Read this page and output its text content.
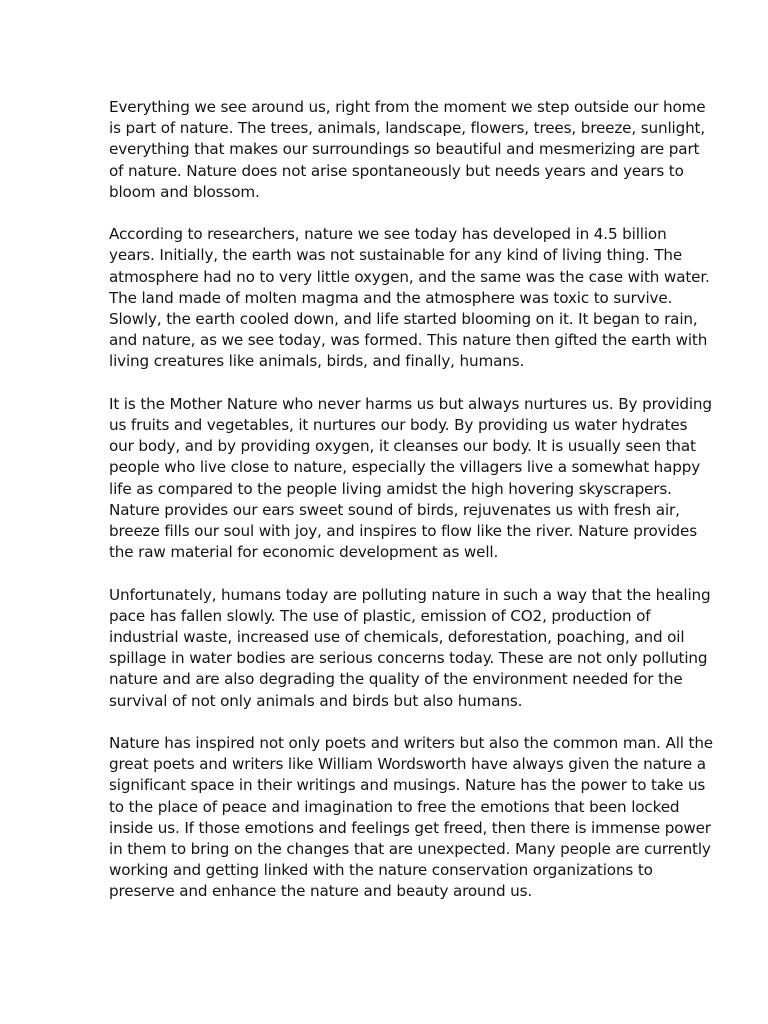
Everything we see around us, right from the moment we step outside our home is part of nature. The trees, animals, landscape, flowers, trees, breeze, sunlight, everything that makes our surroundings so beautiful and mesmerizing are part of nature. Nature does not arise spontaneously but needs years and years to bloom and blossom.

According to researchers, nature we see today has developed in 4.5 billion years. Initially, the earth was not sustainable for any kind of living thing. The atmosphere had no to very little oxygen, and the same was the case with water. The land made of molten magma and the atmosphere was toxic to survive. Slowly, the earth cooled down, and life started blooming on it. It began to rain, and nature, as we see today, was formed. This nature then gifted the earth with living creatures like animals, birds, and finally, humans.

It is the Mother Nature who never harms us but always nurtures us. By providing us fruits and vegetables, it nurtures our body. By providing us water hydrates our body, and by providing oxygen, it cleanses our body. It is usually seen that people who live close to nature, especially the villagers live a somewhat happy life as compared to the people living amidst the high hovering skyscrapers. Nature provides our ears sweet sound of birds, rejuvenates us with fresh air, breeze fills our soul with joy, and inspires to flow like the river. Nature provides the raw material for economic development as well.

Unfortunately, humans today are polluting nature in such a way that the healing pace has fallen slowly. The use of plastic, emission of CO2, production of industrial waste, increased use of chemicals, deforestation, poaching, and oil spillage in water bodies are serious concerns today. These are not only polluting nature and are also degrading the quality of the environment needed for the survival of not only animals and birds but also humans.

Nature has inspired not only poets and writers but also the common man. All the great poets and writers like William Wordsworth have always given the nature a significant space in their writings and musings. Nature has the power to take us to the place of peace and imagination to free the emotions that been locked inside us. If those emotions and feelings get freed, then there is immense power in them to bring on the changes that are unexpected. Many people are currently working and getting linked with the nature conservation organizations to preserve and enhance the nature and beauty around us.
